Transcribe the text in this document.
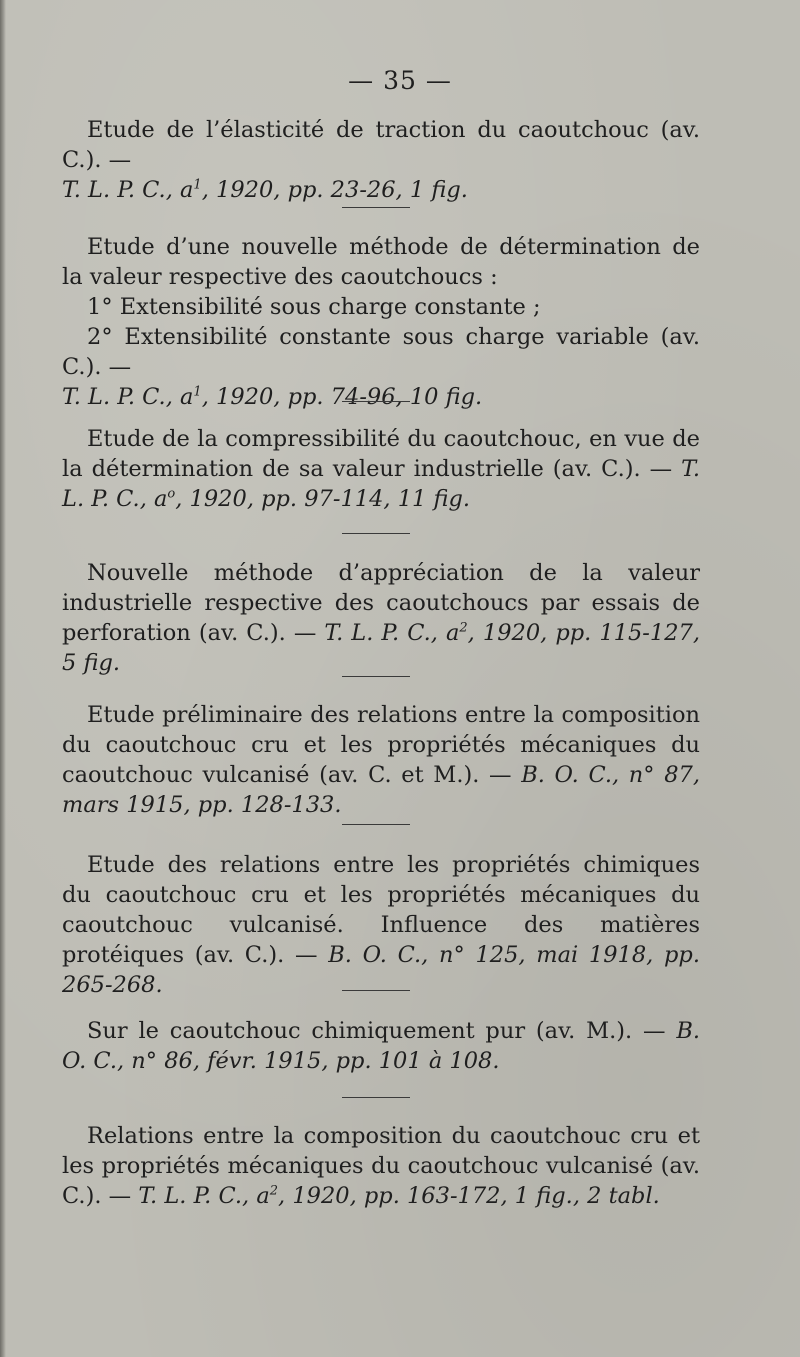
— 35 —

Etude de l’élasticité de traction du caoutchouc (av. C.). —
T. L. P. C., $a^1$, 1920, pp. 23-26, 1 fig.

Etude d’une nouvelle méthode de détermination de la valeur respective des caoutchoucs :

1° Extensibilité sous charge constante ;

2° Extensibilité constante sous charge variable (av. C.). —

T. L. P. C., $a^1$, 1920, pp. 74-96, 10 fig.

Etude de la compressibilité du caoutchouc, en vue de la détermination de sa valeur industrielle (av. C.). — T. L. P. C., $a^o$, 1920, pp. 97-114, 11 fig.

Nouvelle méthode d’appréciation de la valeur industrielle respective des caoutchoucs par essais de perforation (av. C.). — T. L. P. C., $a^2$, 1920, pp. 115-127, 5 fig.

Etude préliminaire des relations entre la composition du caoutchouc cru et les propriétés mécaniques du caoutchouc vulcanisé (av. C. et M.). — B. O. C., n° 87, mars 1915, pp. 128-133.

Etude des relations entre les propriétés chimiques du caoutchouc cru et les propriétés mécaniques du caoutchouc vulcanisé. Influence des matières protéiques (av. C.). — B. O. C., n° 125, mai 1918, pp. 265-268.

Sur le caoutchouc chimiquement pur (av. M.). — B. O. C., n° 86, févr. 1915, pp. 101 à 108.

Relations entre la composition du caoutchouc cru et les propriétés mécaniques du caoutchouc vulcanisé (av. C.). — T. L. P. C., $a^2$, 1920, pp. 163-172, 1 fig., 2 tabl.
